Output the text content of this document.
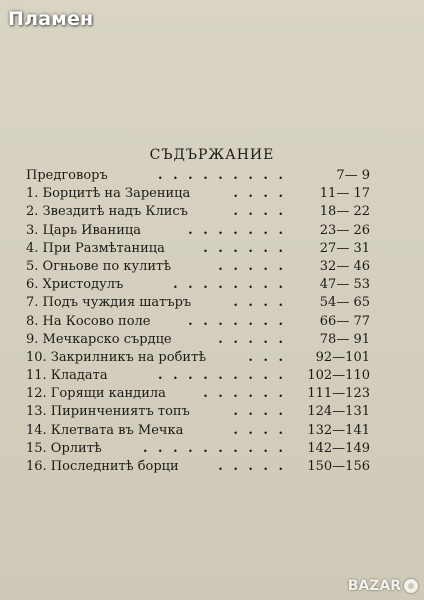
Пламен
СЪДЪРЖАНИЕ
Предговоръ	. . . . . . . . .	7— 9
1. Борцитѣ на Зареница	. . . .	11— 17
2. Звездитѣ надъ Клисъ	. . . .	18— 22
3. Царь Иваница	. . . . . . .	23— 26
4. При Размѣтаница	. . . . . .	27— 31
5. Огньове по кулитѣ	. . . . .	32— 46
6. Христодулъ	. . . . . . . .	47— 53
7. Подъ чуждия шатъръ	. . . .	54— 65
8. На Косово поле	. . . . . . .	66— 77
9. Мечкарско сърдце	. . . . .	78— 91
10. Закрилникъ на робитѣ	. . .	92—101
11. Кладата	. . . . . . . . .	102—110
12. Горящи кандила	. . . . . .	111—123
13. Пиринчениятъ топъ	. . . .	124—131
14. Клетвата въ Мечка	. . . .	132—141
15. Орлитѣ	. . . . . . . . . .	142—149
16. Последнитѣ борци	. . . . .	150—156
BAZAR
